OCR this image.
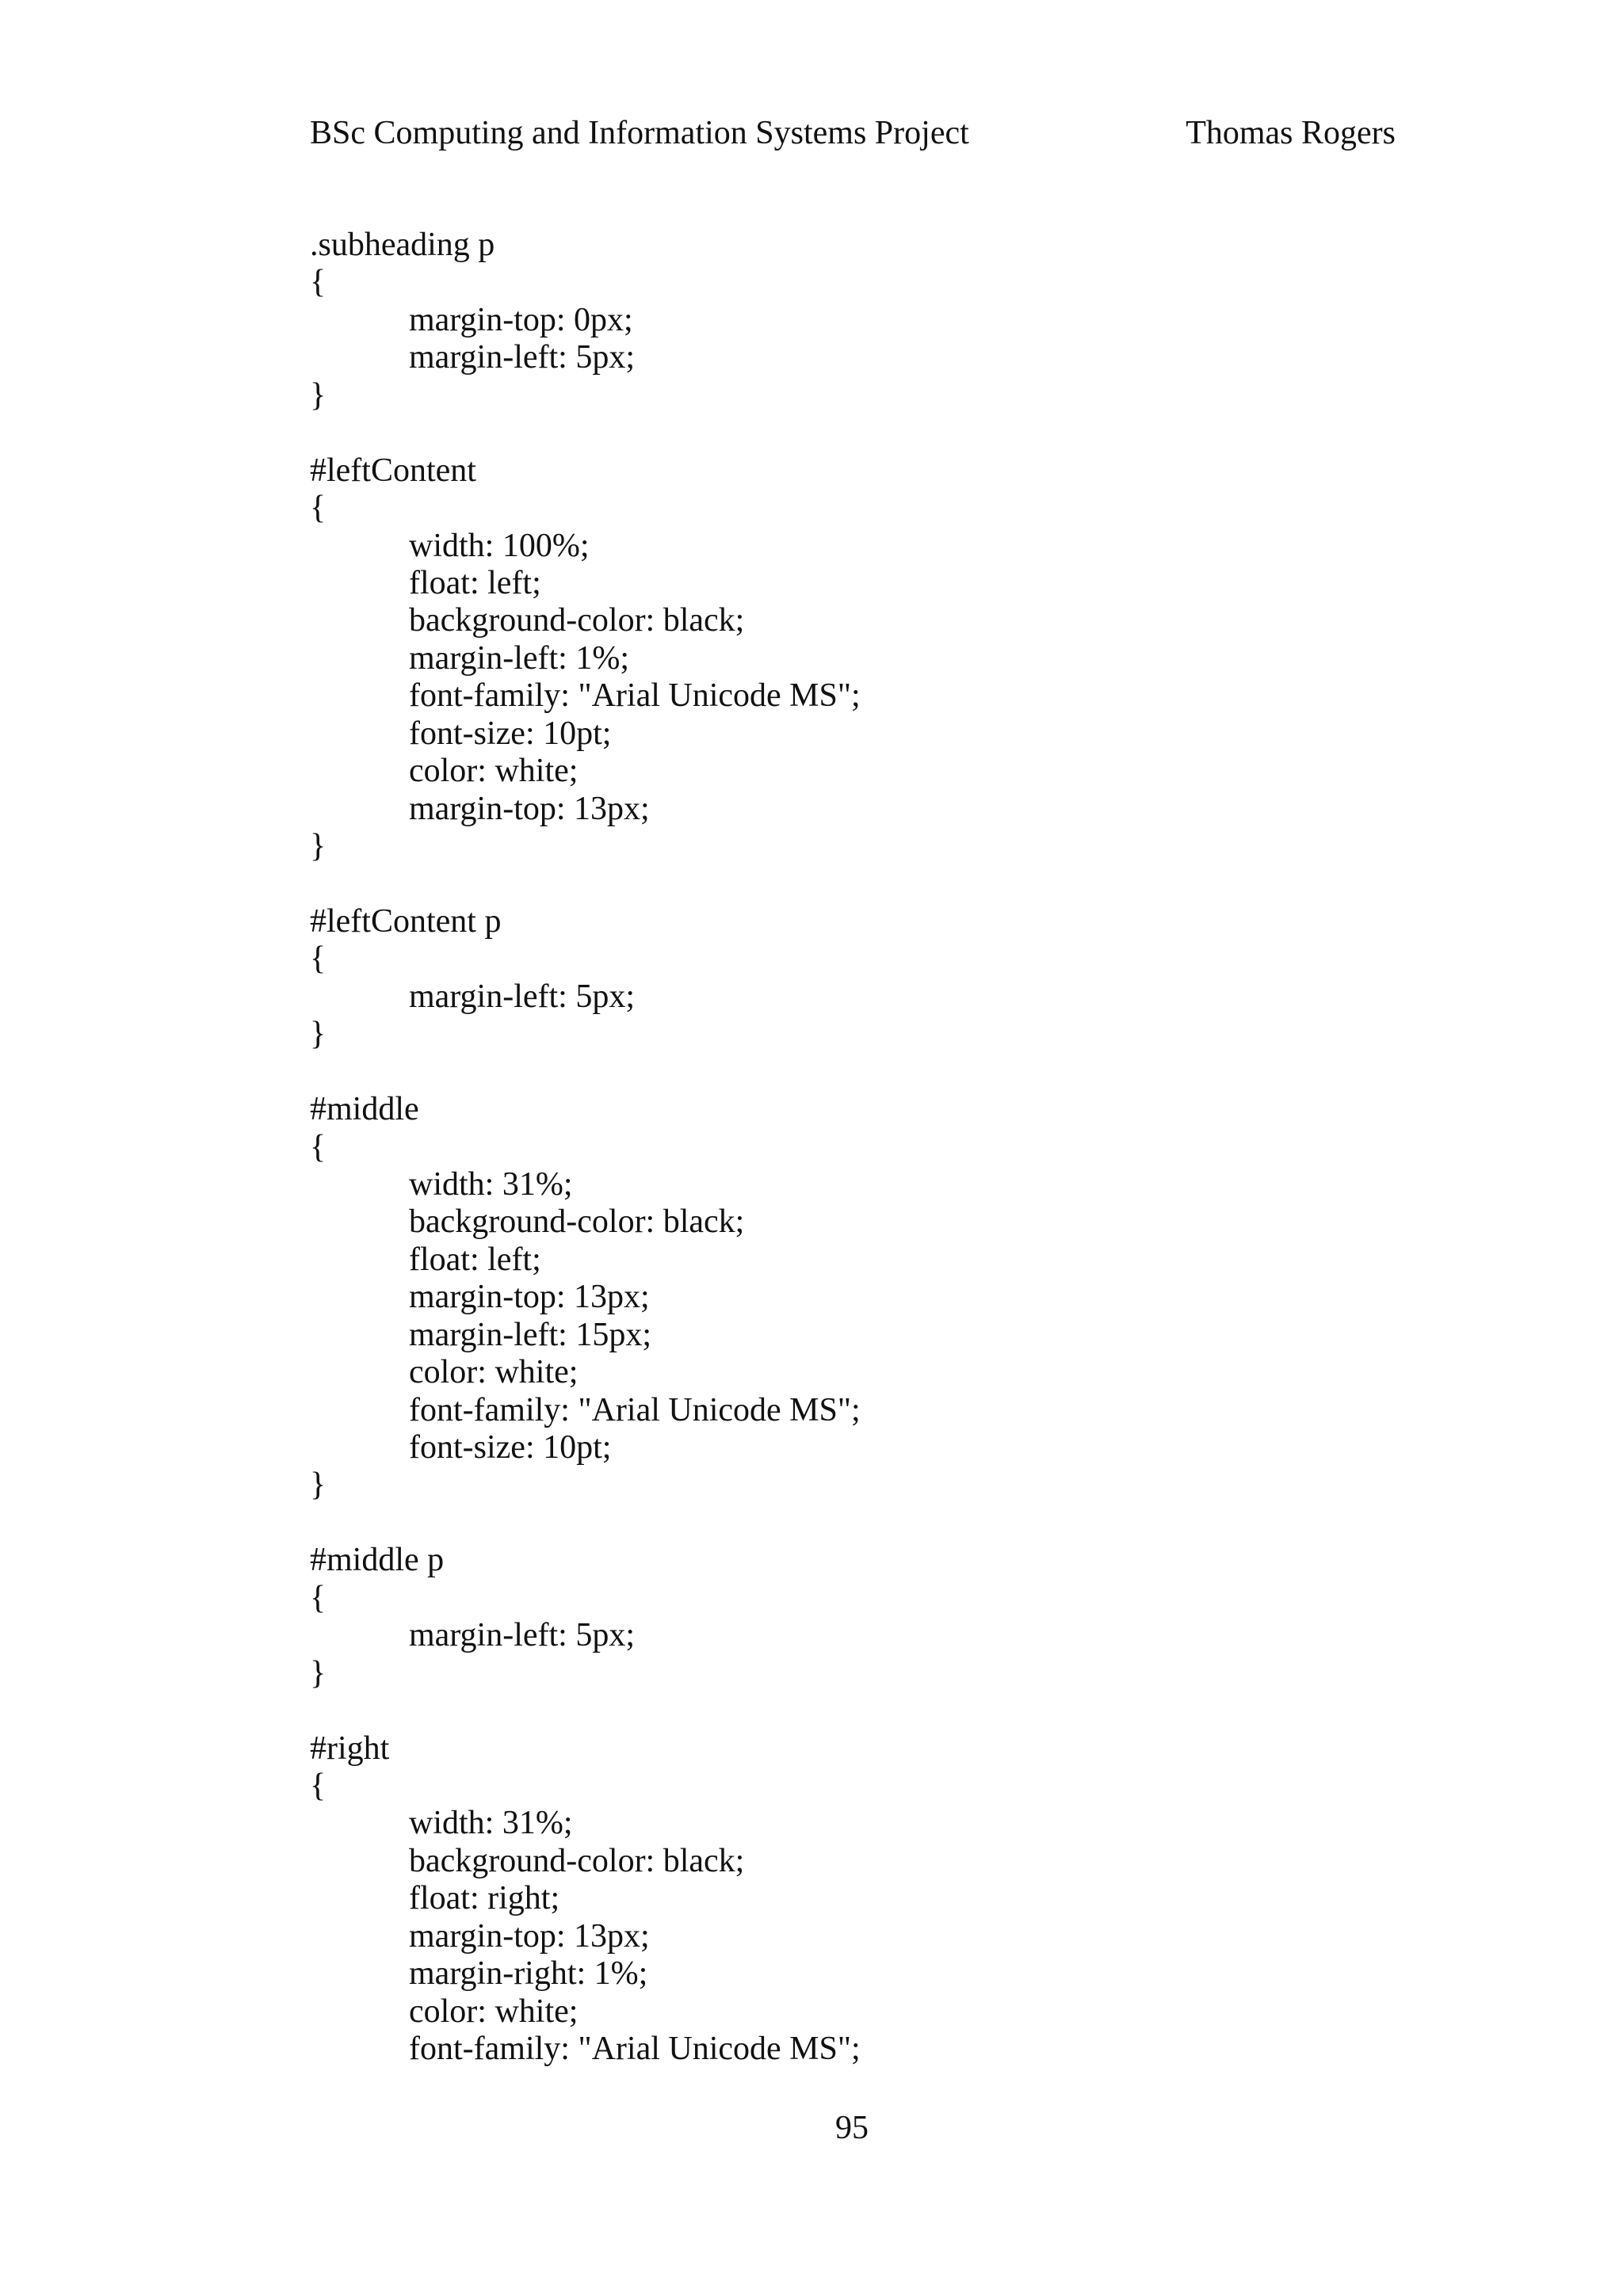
BSc Computing and Information Systems Project	Thomas Rogers
.subheading p
{
margin-top: 0px;
margin-left: 5px;
}
#leftContent
{
width: 100%;
float: left;
background-color: black;
margin-left: 1%;
font-family: "Arial Unicode MS";
font-size: 10pt;
color: white;
margin-top: 13px;
}
#leftContent p
{
margin-left: 5px;
}
#middle
{
width: 31%;
background-color: black;
float: left;
margin-top: 13px;
margin-left: 15px;
color: white;
font-family: "Arial Unicode MS";
font-size: 10pt;
}
#middle p
{
margin-left: 5px;
}
#right
{
width: 31%;
background-color: black;
float: right;
margin-top: 13px;
margin-right: 1%;
color: white;
font-family: "Arial Unicode MS";
95
